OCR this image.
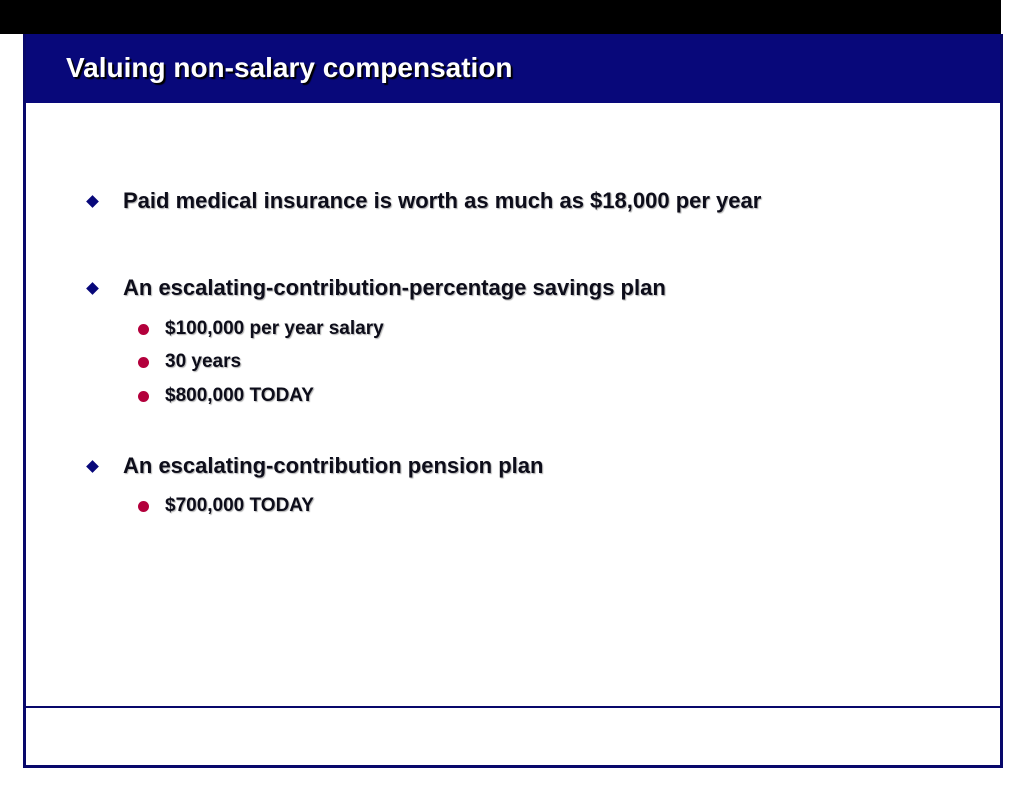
Valuing non-salary compensation
Paid medical insurance is worth as much as $18,000 per year
An escalating-contribution-percentage savings plan
$100,000 per year salary
30 years
$800,000 TODAY
An escalating-contribution pension plan
$700,000 TODAY
